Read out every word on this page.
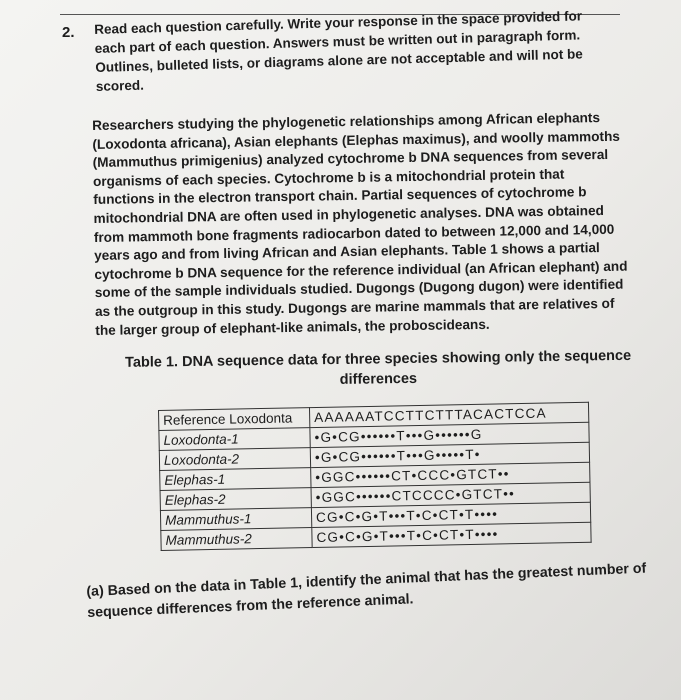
2. Read each question carefully. Write your response in the space provided for each part of each question. Answers must be written out in paragraph form. Outlines, bulleted lists, or diagrams alone are not acceptable and will not be scored.

Researchers studying the phylogenetic relationships among African elephants (Loxodonta africana), Asian elephants (Elephas maximus), and woolly mammoths (Mammuthus primigenius) analyzed cytochrome b DNA sequences from several organisms of each species. Cytochrome b is a mitochondrial protein that functions in the electron transport chain. Partial sequences of cytochrome b mitochondrial DNA are often used in phylogenetic analyses. DNA was obtained from mammoth bone fragments radiocarbon dated to between 12,000 and 14,000 years ago and from living African and Asian elephants. Table 1 shows a partial cytochrome b DNA sequence for the reference individual (an African elephant) and some of the sample individuals studied. Dugongs (Dugong dugon) were identified as the outgroup in this study. Dugongs are marine mammals that are relatives of the larger group of elephant-like animals, the proboscideans.

Table 1. DNA sequence data for three species showing only the sequence differences
Reference Loxodonta	AAAAAATCCTTCTTTACACTCCA
Loxodonta-1	•G•CG••••••T•••G••••••G
Loxodonta-2	•G•CG••••••T•••G•••••T•
Elephas-1	•GGC••••••CT•CCC•GTCT••
Elephas-2	•GGC••••••CTCCCC•GTCT••
Mammuthus-1	CG•C•G•T•••T•C•CT•T••••
Mammuthus-2	CG•C•G•T•••T•C•CT•T••••
(a) Based on the data in Table 1, identify the animal that has the greatest number of sequence differences from the reference animal.
